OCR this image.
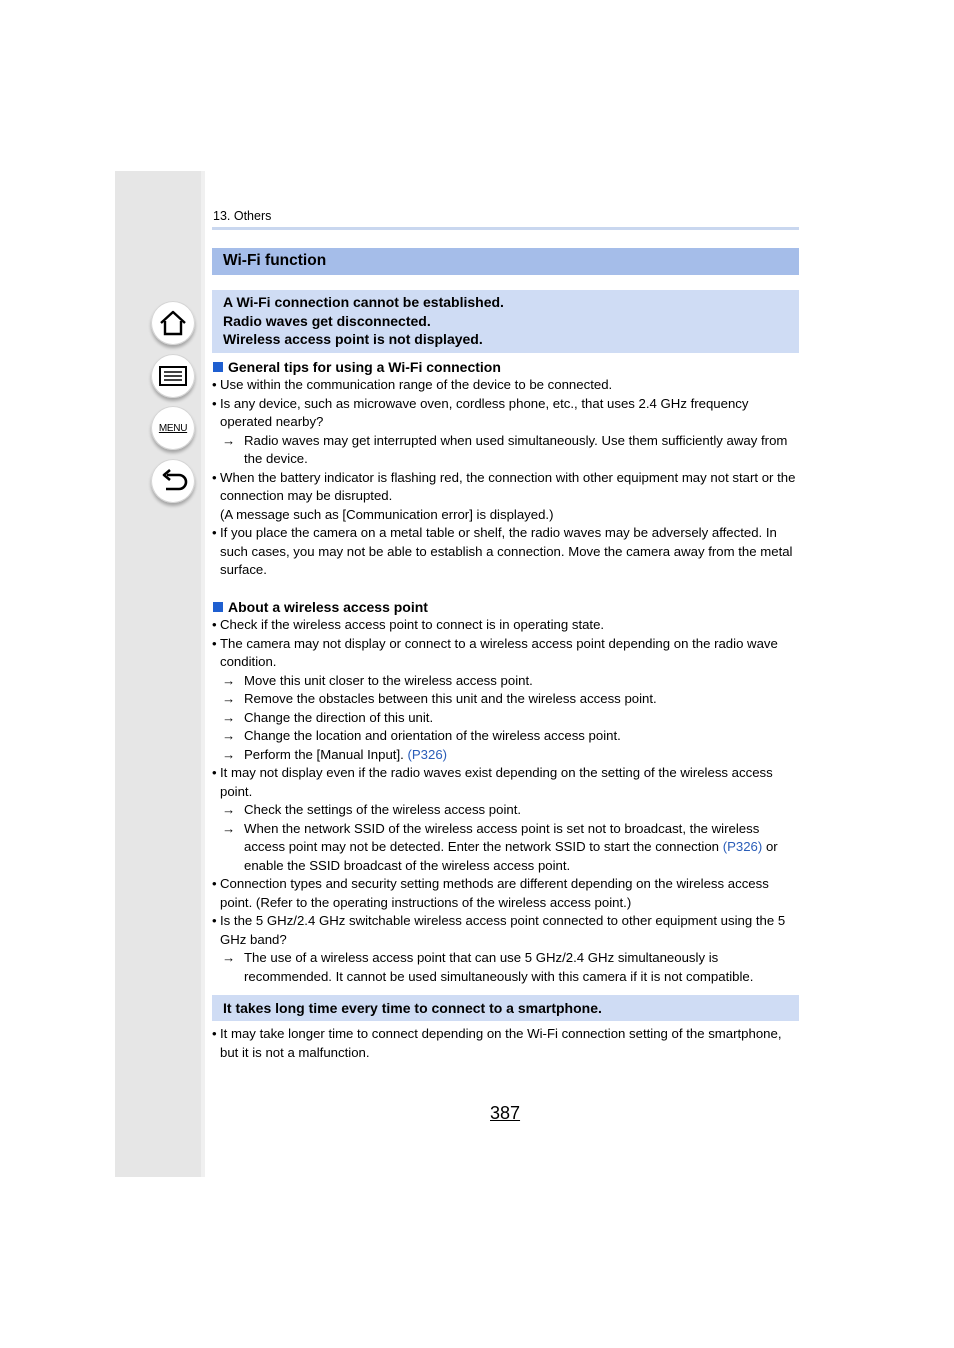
MENU
13. Others
Wi-Fi function
A Wi-Fi connection cannot be established.
Radio waves get disconnected.
Wireless access point is not displayed.
General tips for using a Wi-Fi connection
• Use within the communication range of the device to be connected.
• Is any device, such as microwave oven, cordless phone, etc., that uses 2.4 GHz frequency operated nearby?
→ Radio waves may get interrupted when used simultaneously. Use them sufficiently away from the device.
• When the battery indicator is flashing red, the connection with other equipment may not start or the connection may be disrupted.
(A message such as [Communication error] is displayed.)
• If you place the camera on a metal table or shelf, the radio waves may be adversely affected. In such cases, you may not be able to establish a connection. Move the camera away from the metal surface.
About a wireless access point
• Check if the wireless access point to connect is in operating state.
• The camera may not display or connect to a wireless access point depending on the radio wave condition.
→ Move this unit closer to the wireless access point.
→ Remove the obstacles between this unit and the wireless access point.
→ Change the direction of this unit.
→ Change the location and orientation of the wireless access point.
→ Perform the [Manual Input]. (P326)
• It may not display even if the radio waves exist depending on the setting of the wireless access point.
→ Check the settings of the wireless access point.
→ When the network SSID of the wireless access point is set not to broadcast, the wireless access point may not be detected. Enter the network SSID to start the connection (P326) or enable the SSID broadcast of the wireless access point.
• Connection types and security setting methods are different depending on the wireless access point. (Refer to the operating instructions of the wireless access point.)
• Is the 5 GHz/2.4 GHz switchable wireless access point connected to other equipment using the 5 GHz band?
→ The use of a wireless access point that can use 5 GHz/2.4 GHz simultaneously is recommended. It cannot be used simultaneously with this camera if it is not compatible.
It takes long time every time to connect to a smartphone.
• It may take longer time to connect depending on the Wi-Fi connection setting of the smartphone, but it is not a malfunction.
387
